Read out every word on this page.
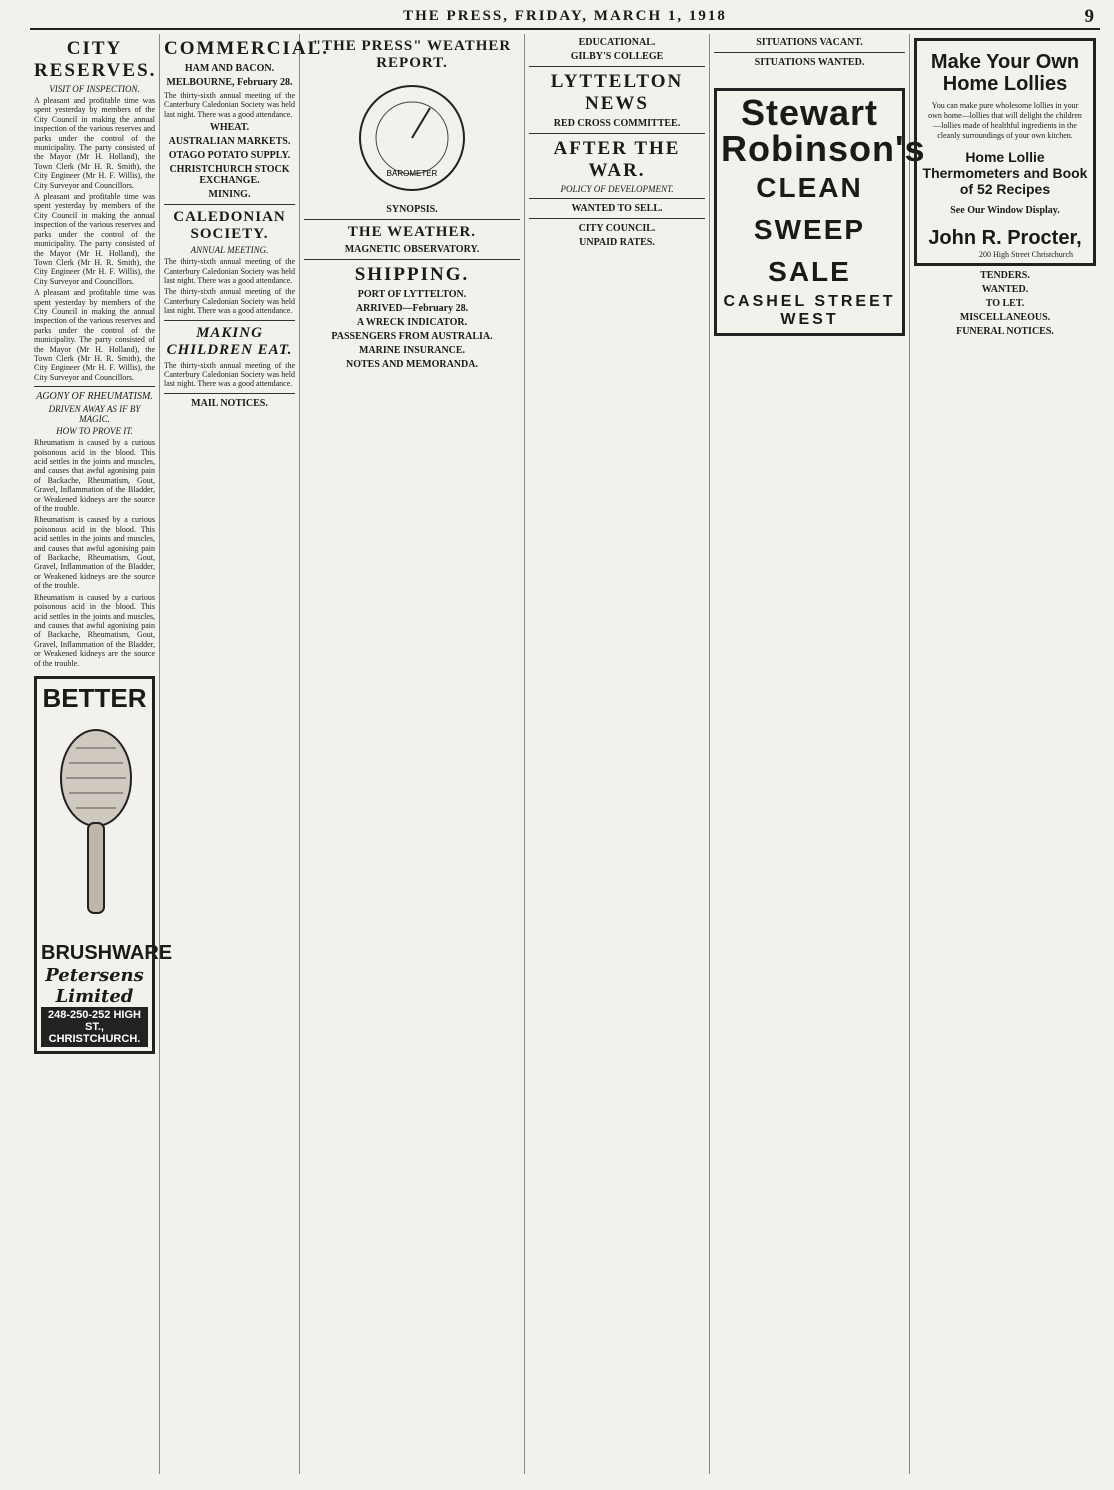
THE PRESS, FRIDAY, MARCH 1, 1918	9
CITY RESERVES.
VISIT OF INSPECTION.

A pleasant and profitable time was spent yesterday by members of the City Council in making the annual inspection of the various reserves and parks under the control of the municipality. The party consisted of the Mayor (Mr H. Holland), the Town Clerk (Mr H. R. Smith), the City Engineer (Mr H. F. Willis), the City Surveyor and Councillors.

A pleasant and profitable time was spent yesterday by members of the City Council in making the annual inspection of the various reserves and parks under the control of the municipality. The party consisted of the Mayor (Mr H. Holland), the Town Clerk (Mr H. R. Smith), the City Engineer (Mr H. F. Willis), the City Surveyor and Councillors.

A pleasant and profitable time was spent yesterday by members of the City Council in making the annual inspection of the various reserves and parks under the control of the municipality. The party consisted of the Mayor (Mr H. Holland), the Town Clerk (Mr H. R. Smith), the City Engineer (Mr H. F. Willis), the City Surveyor and Councillors.

AGONY OF RHEUMATISM.
DRIVEN AWAY AS IF BY MAGIC.
HOW TO PROVE IT.

Rheumatism is caused by a curious poisonous acid in the blood. This acid settles in the joints and muscles, and causes that awful agonising pain of Backache, Rheumatism, Gout, Gravel, Inflammation of the Bladder, or Weakened kidneys are the source of the trouble.

Rheumatism is caused by a curious poisonous acid in the blood. This acid settles in the joints and muscles, and causes that awful agonising pain of Backache, Rheumatism, Gout, Gravel, Inflammation of the Bladder, or Weakened kidneys are the source of the trouble.

Rheumatism is caused by a curious poisonous acid in the blood. This acid settles in the joints and muscles, and causes that awful agonising pain of Backache, Rheumatism, Gout, Gravel, Inflammation of the Bladder, or Weakened kidneys are the source of the trouble.

BETTER
BRUSHWARE
Petersens Limited
248-250-252 HIGH ST., CHRISTCHURCH.
COMMERCIAL.
HAM AND BACON.
MELBOURNE, February 28.

The thirty-sixth annual meeting of the Canterbury Caledonian Society was held last night. There was a good attendance.

WHEAT.
AUSTRALIAN MARKETS.
OTAGO POTATO SUPPLY.
CHRISTCHURCH STOCK EXCHANGE.
MINING.
CALEDONIAN SOCIETY.
ANNUAL MEETING.

The thirty-sixth annual meeting of the Canterbury Caledonian Society was held last night. There was a good attendance.

The thirty-sixth annual meeting of the Canterbury Caledonian Society was held last night. There was a good attendance.

MAKING CHILDREN EAT.

The thirty-sixth annual meeting of the Canterbury Caledonian Society was held last night. There was a good attendance.

MAIL NOTICES.
"THE PRESS" WEATHER REPORT.
BAROMETER
SYNOPSIS.
THE WEATHER.
MAGNETIC OBSERVATORY.
SHIPPING.
PORT OF LYTTELTON.
ARRIVED—February 28.
A WRECK INDICATOR.
PASSENGERS FROM AUSTRALIA.
MARINE INSURANCE.
NOTES AND MEMORANDA.
EDUCATIONAL.
GILBY'S COLLEGE
LYTTELTON NEWS
RED CROSS COMMITTEE.
AFTER THE WAR.
POLICY OF DEVELOPMENT.
WANTED TO SELL.
CITY COUNCIL.
UNPAID RATES.
SITUATIONS VACANT.
SITUATIONS WANTED.
Stewart Robinson's
CLEAN SWEEP SALE
CASHEL STREET WEST
Make Your Own Home Lollies
You can make pure wholesome lollies in your own home—lollies that will delight the children—lollies made of healthful ingredients in the cleanly surroundings of your own kitchen.
Home Lollie Thermometers and Book of 52 Recipes
See Our Window Display.
John R. Procter,
200 High Street Christchurch
TENDERS.
WANTED.
TO LET.
MISCELLANEOUS.
FUNERAL NOTICES.
